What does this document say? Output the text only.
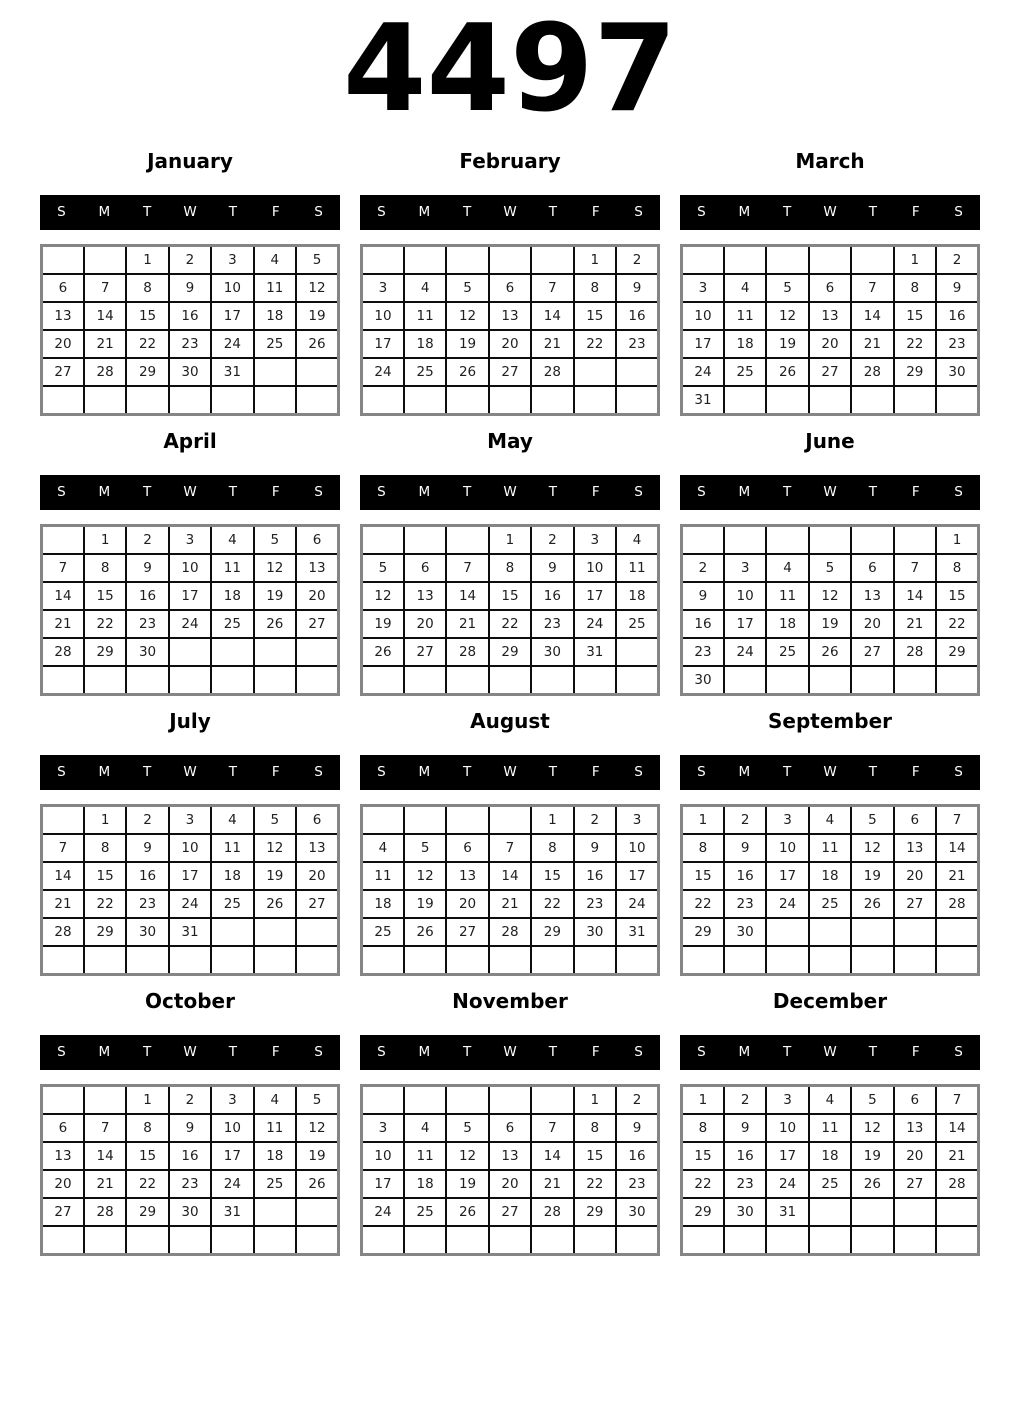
4497
January
S	M	T	W	T	F	S
		1	2	3	4	5
6	7	8	9	10	11	12
13	14	15	16	17	18	19
20	21	22	23	24	25	26
27	28	29	30	31		

February
S	M	T	W	T	F	S
					1	2
3	4	5	6	7	8	9
10	11	12	13	14	15	16
17	18	19	20	21	22	23
24	25	26	27	28		

March
S	M	T	W	T	F	S
					1	2
3	4	5	6	7	8	9
10	11	12	13	14	15	16
17	18	19	20	21	22	23
24	25	26	27	28	29	30
31						
April
S	M	T	W	T	F	S
	1	2	3	4	5	6
7	8	9	10	11	12	13
14	15	16	17	18	19	20
21	22	23	24	25	26	27
28	29	30				

May
S	M	T	W	T	F	S
			1	2	3	4
5	6	7	8	9	10	11
12	13	14	15	16	17	18
19	20	21	22	23	24	25
26	27	28	29	30	31	

June
S	M	T	W	T	F	S
						1
2	3	4	5	6	7	8
9	10	11	12	13	14	15
16	17	18	19	20	21	22
23	24	25	26	27	28	29
30						
July
S	M	T	W	T	F	S
	1	2	3	4	5	6
7	8	9	10	11	12	13
14	15	16	17	18	19	20
21	22	23	24	25	26	27
28	29	30	31			

August
S	M	T	W	T	F	S
				1	2	3
4	5	6	7	8	9	10
11	12	13	14	15	16	17
18	19	20	21	22	23	24
25	26	27	28	29	30	31

September
S	M	T	W	T	F	S
1	2	3	4	5	6	7
8	9	10	11	12	13	14
15	16	17	18	19	20	21
22	23	24	25	26	27	28
29	30					

October
S	M	T	W	T	F	S
		1	2	3	4	5
6	7	8	9	10	11	12
13	14	15	16	17	18	19
20	21	22	23	24	25	26
27	28	29	30	31		

November
S	M	T	W	T	F	S
					1	2
3	4	5	6	7	8	9
10	11	12	13	14	15	16
17	18	19	20	21	22	23
24	25	26	27	28	29	30

December
S	M	T	W	T	F	S
1	2	3	4	5	6	7
8	9	10	11	12	13	14
15	16	17	18	19	20	21
22	23	24	25	26	27	28
29	30	31				
